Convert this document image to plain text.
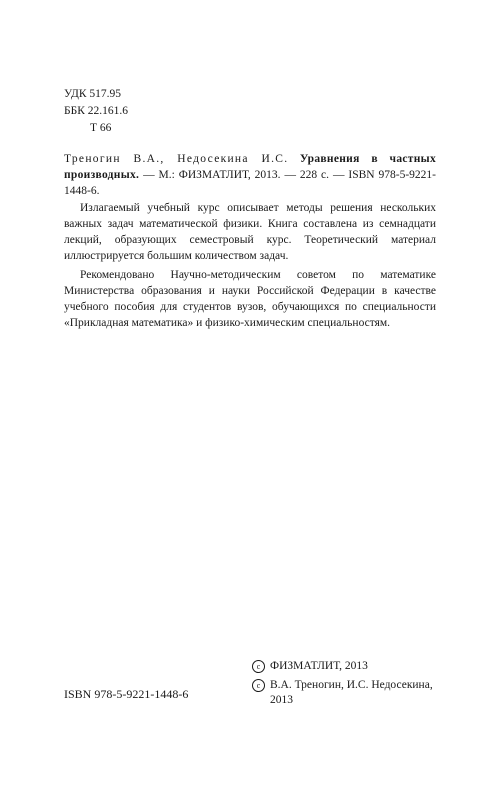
УДК 517.95
ББК 22.161.6
Т 66
Треногин В.А., Недосекина И.С. Уравнения в частных производных. — М.: ФИЗМАТЛИТ, 2013. — 228 с. — ISBN 978-5-9221-1448-6.

Излагаемый учебный курс описывает методы решения нескольких важных задач математической физики. Книга составлена из семнадцати лекций, образующих семестровый курс. Теоретический материал иллюстрируется большим количеством задач.

Рекомендовано Научно-методическим советом по математике Министерства образования и науки Российской Федерации в качестве учебного пособия для студентов вузов, обучающихся по специальности «Прикладная математика» и физико-химическим специальностям.

ISBN 978-5-9221-1448-6
c ФИЗМАТЛИТ, 2013
c В.А. Треногин, И.С. Недосекина,
2013
